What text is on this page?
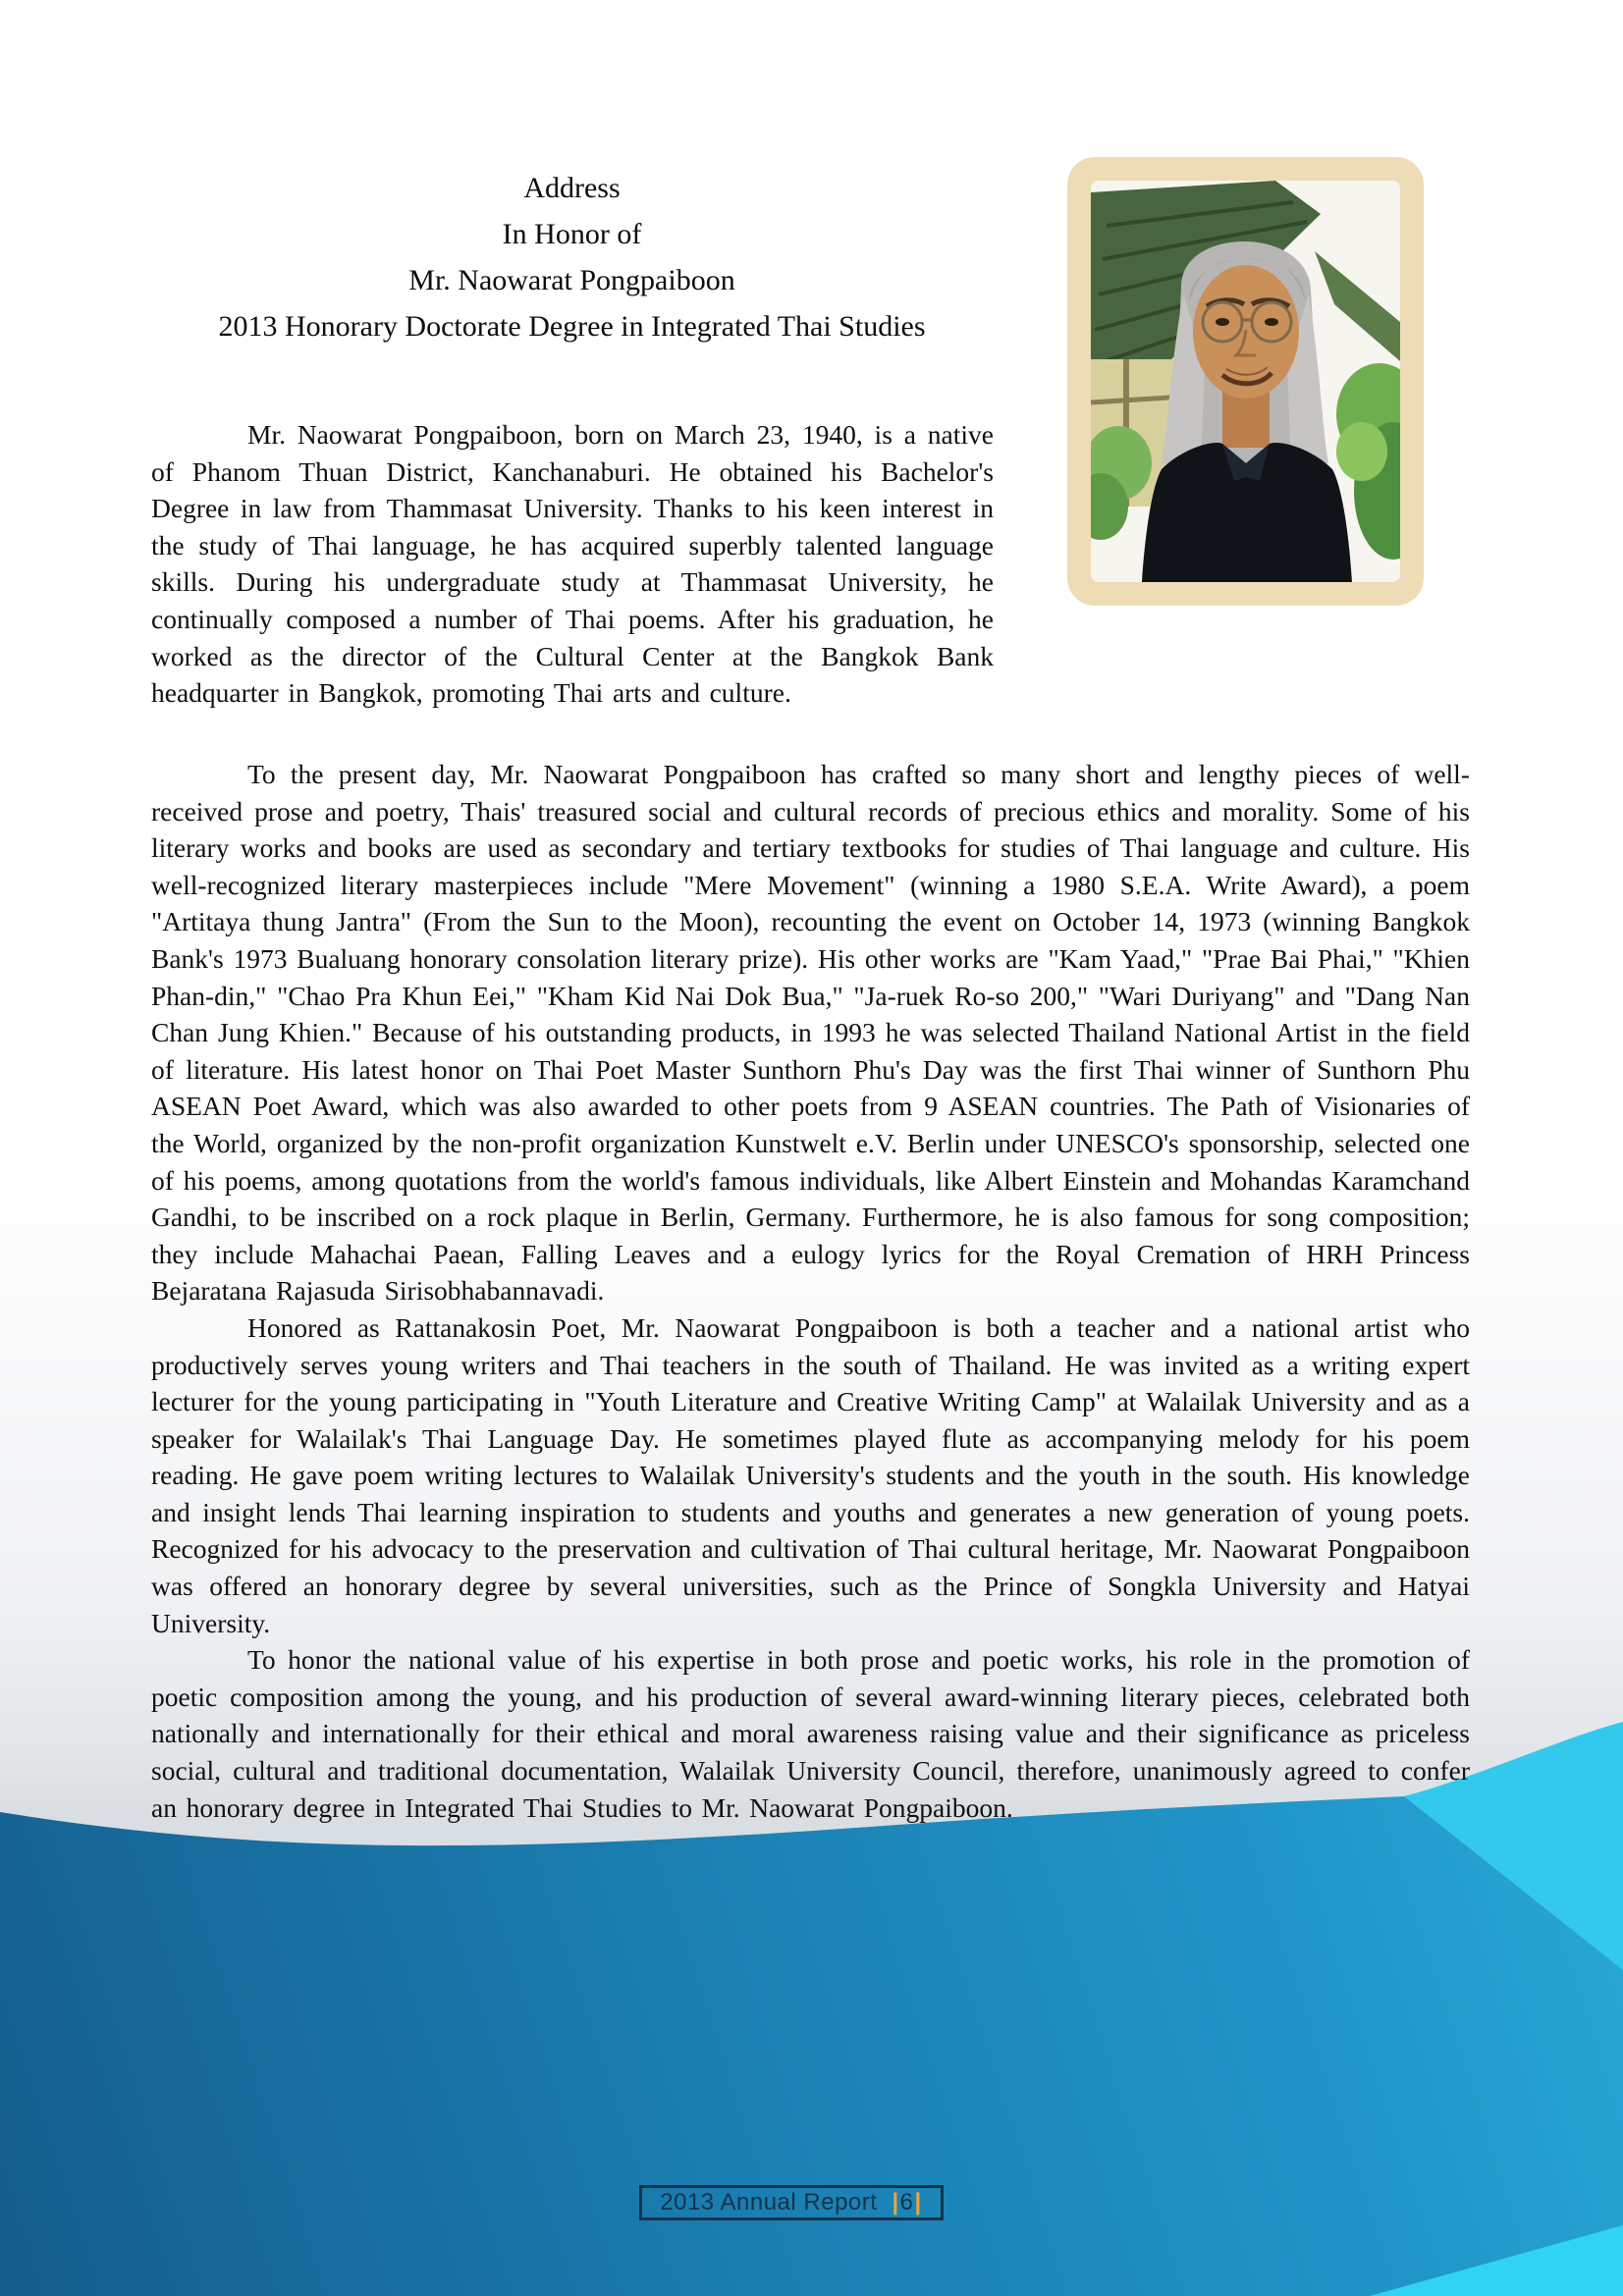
Address
In Honor of
Mr. Naowarat Pongpaiboon
2013 Honorary Doctorate Degree in Integrated Thai Studies

Mr. Naowarat Pongpaiboon, born on March 23, 1940, is a native of Phanom Thuan District, Kanchanaburi. He obtained his Bachelor's Degree in law from Thammasat University. Thanks to his keen interest in the study of Thai language, he has acquired superbly talented language skills. During his undergraduate study at Thammasat University, he continually composed a number of Thai poems. After his graduation, he worked as the director of the Cultural Center at the Bangkok Bank headquarter in Bangkok, promoting Thai arts and culture.

To the present day, Mr. Naowarat Pongpaiboon has crafted so many short and lengthy pieces of well-received prose and poetry, Thais' treasured social and cultural records of precious ethics and morality. Some of his literary works and books are used as secondary and tertiary textbooks for studies of Thai language and culture. His well-recognized literary masterpieces include "Mere Movement" (winning a 1980 S.E.A. Write Award), a poem "Artitaya thung Jantra" (From the Sun to the Moon), recounting the event on October 14, 1973 (winning Bangkok Bank's 1973 Bualuang honorary consolation literary prize). His other works are "Kam Yaad," "Prae Bai Phai," "Khien Phan-din," "Chao Pra Khun Eei," "Kham Kid Nai Dok Bua," "Ja-ruek Ro-so 200," "Wari Duriyang" and "Dang Nan Chan Jung Khien." Because of his outstanding products, in 1993 he was selected Thailand National Artist in the field of literature. His latest honor on Thai Poet Master Sunthorn Phu's Day was the first Thai winner of Sunthorn Phu ASEAN Poet Award, which was also awarded to other poets from 9 ASEAN countries. The Path of Visionaries of the World, organized by the non-profit organization Kunstwelt e.V. Berlin under UNESCO's sponsorship, selected one of his poems, among quotations from the world's famous individuals, like Albert Einstein and Mohandas Karamchand Gandhi, to be inscribed on a rock plaque in Berlin, Germany. Furthermore, he is also famous for song composition; they include Mahachai Paean, Falling Leaves and a eulogy lyrics for the Royal Cremation of HRH Princess Bejaratana Rajasuda Sirisobhabannavadi.

Honored as Rattanakosin Poet, Mr. Naowarat Pongpaiboon is both a teacher and a national artist who productively serves young writers and Thai teachers in the south of Thailand. He was invited as a writing expert lecturer for the young participating in "Youth Literature and Creative Writing Camp" at Walailak University and as a speaker for Walailak's Thai Language Day. He sometimes played flute as accompanying melody for his poem reading. He gave poem writing lectures to Walailak University's students and the youth in the south. His knowledge and insight lends Thai learning inspiration to students and youths and generates a new generation of young poets. Recognized for his advocacy to the preservation and cultivation of Thai cultural heritage, Mr. Naowarat Pongpaiboon was offered an honorary degree by several universities, such as the Prince of Songkla University and Hatyai University.

To honor the national value of his expertise in both prose and poetic works, his role in the promotion of poetic composition among the young, and his production of several award-winning literary pieces, celebrated both nationally and internationally for their ethical and moral awareness raising value and their significance as priceless social, cultural and traditional documentation, Walailak University Council, therefore, unanimously agreed to confer an honorary degree in Integrated Thai Studies to Mr. Naowarat Pongpaiboon.

2013 Annual Report | 6 |
